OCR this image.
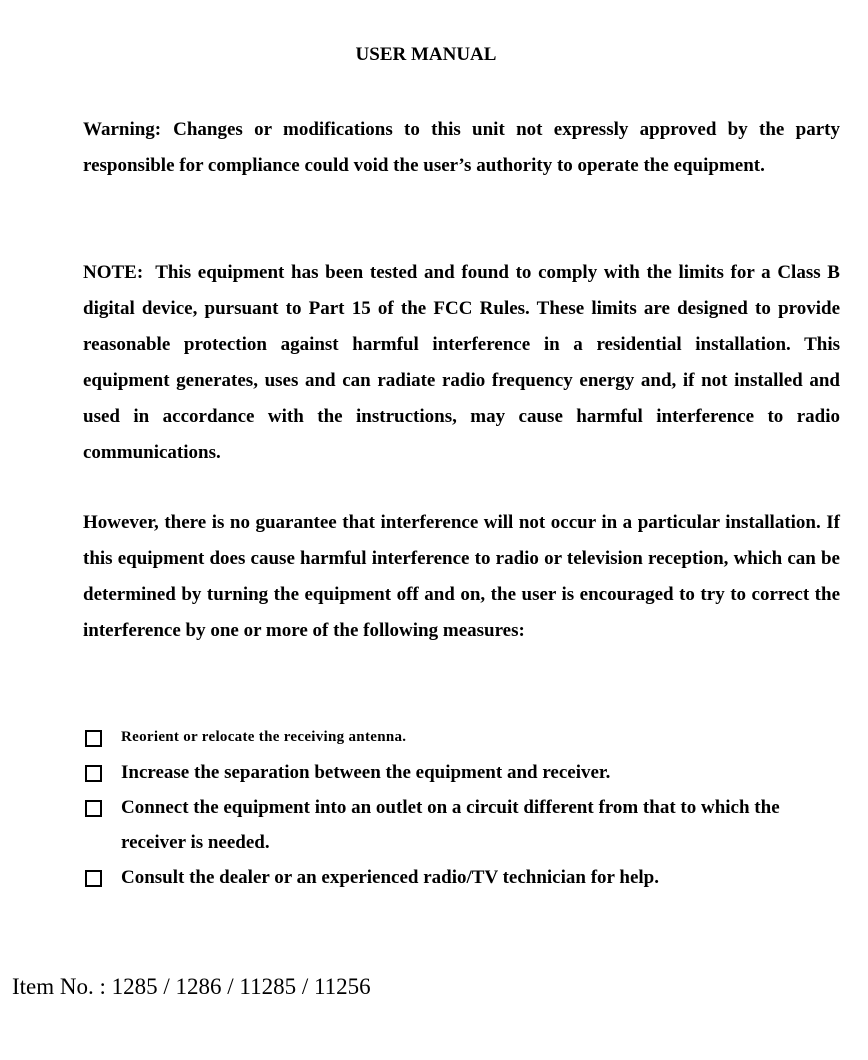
USER MANUAL

Warning: Changes or modifications to this unit not expressly approved by the party responsible for compliance could void the user’s authority to operate the equipment.

NOTE: This equipment has been tested and found to comply with the limits for a Class B digital device, pursuant to Part 15 of the FCC Rules. These limits are designed to provide reasonable protection against harmful interference in a residential installation. This equipment generates, uses and can radiate radio frequency energy and, if not installed and used in accordance with the instructions, may cause harmful interference to radio communications.

However, there is no guarantee that interference will not occur in a particular installation. If this equipment does cause harmful interference to radio or television reception, which can be determined by turning the equipment off and on, the user is encouraged to try to correct the interference by one or more of the following measures:

Reorient or relocate the receiving antenna.
Increase the separation between the equipment and receiver.
Connect the equipment into an outlet on a circuit different from that to which the receiver is needed.
Consult the dealer or an experienced radio/TV technician for help.
Item No. : 1285 / 1286 / 11285 / 11256
